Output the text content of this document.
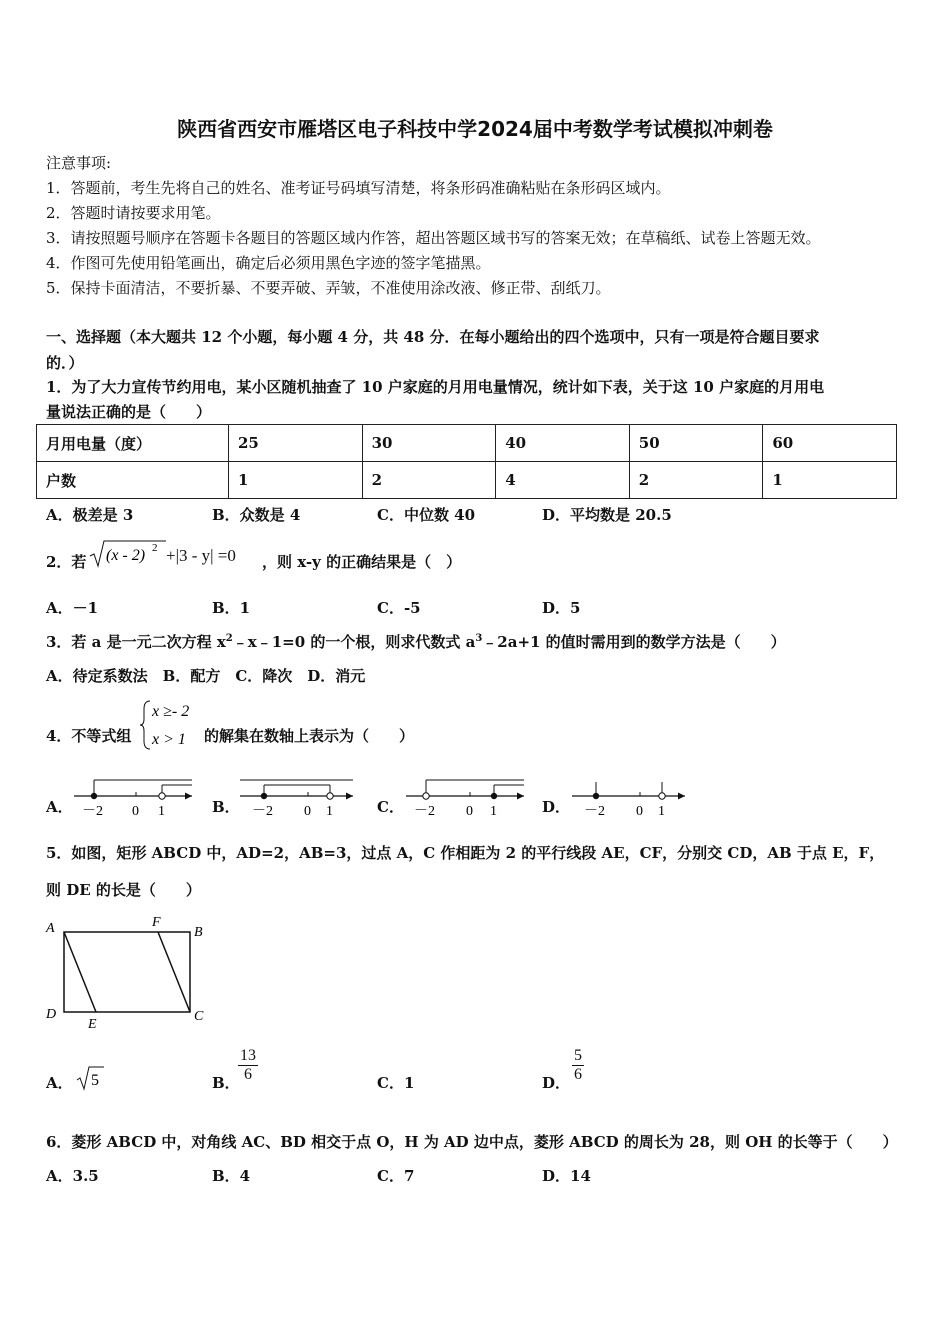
陕西省西安市雁塔区电子科技中学2024届中考数学考试模拟冲刺卷
注意事项:
1．答题前，考生先将自己的姓名、准考证号码填写清楚，将条形码准确粘贴在条形码区域内。
2．答题时请按要求用笔。
3．请按照题号顺序在答题卡各题目的答题区域内作答，超出答题区域书写的答案无效；在草稿纸、试卷上答题无效。
4．作图可先使用铅笔画出，确定后必须用黑色字迹的签字笔描黑。
5．保持卡面清洁，不要折暴、不要弄破、弄皱，不准使用涂改液、修正带、刮纸刀。
一、选择题（本大题共 12 个小题，每小题 4 分，共 48 分．在每小题给出的四个选项中，只有一项是符合题目要求
的．）
1．为了大力宣传节约用电，某小区随机抽查了 10 户家庭的月用电量情况，统计如下表，关于这 10 户家庭的月用电
量说法正确的是（　　）
月用电量（度）	25	30	40	50	60
户数	1	2	4	2	1
A．极差是 3	B．众数是 4	C．中位数 40	D．平均数是 20.5
2．若 (x - 2) 2 +|3 - y| =0 ，则 x-y 的正确结果是（　）
A．－1	B．1	C．-5	D．5
3．若 a 是一元二次方程 $x^2﹣x﹣1=0$ 的一个根，则求代数式 $a^3﹣2a+1$ 的值时需用到的数学方法是（　　）
A．待定系数法　B．配方　C．降次　D．消元
4．不等式组
x ≥- 2
x > 1 的解集在数轴上表示为（　　）
A． －2 0 1	B． －2 0 1	C． －2 0 1	D． －2 0 1
5．如图，矩形 ABCD 中，AD=2，AB=3，过点 A，C 作相距为 2 的平行线段 AE，CF，分别交 CD，AB 于点 E，F，
则 DE 的长是（　　）
A	F
B
D
E
C
A． 5	B．
$\frac{13}{6}$	C．1	D． $\frac{5}{6}$
6．菱形 ABCD 中，对角线 AC、BD 相交于点 O，H 为 AD 边中点，菱形 ABCD 的周长为 28，则 OH 的长等于（　　）
A．3.5	B．4	C．7	D．14
